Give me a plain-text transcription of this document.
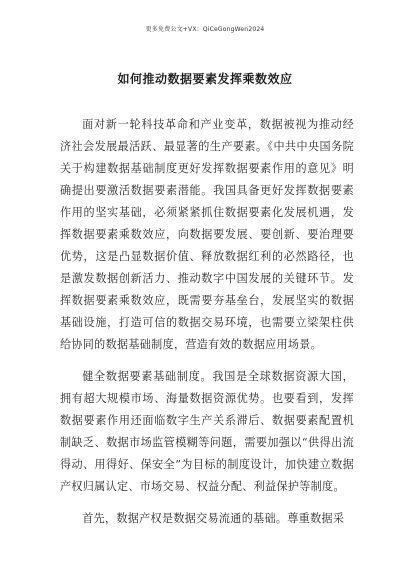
更多免费公文+VX：QiCeGongWen2024
如何推动数据要素发挥乘数效应

面对新一轮科技革命和产业变革，数据被视为推动经济社会发展最活跃、最显著的生产要素。《中共中央国务院关于构建数据基础制度更好发挥数据要素作用的意见》明确提出要激活数据要素潜能。我国具备更好发挥数据要素作用的坚实基础，必须紧紧抓住数据要素化发展机遇，发挥数据要素乘数效应，向数据要发展、要创新、要治理要优势，这是凸显数据价值、释放数据红利的必然路径，也是激发数据创新活力、推动数字中国发展的关键环节。发挥数据要素乘数效应，既需要夯基垒台，发展坚实的数据基础设施，打造可信的数据交易环境，也需要立梁架柱供给协同的数据基础制度，营造有效的数据应用场景。

健全数据要素基础制度。我国是全球数据资源大国，拥有超大规模市场、海量数据资源优势。也要看到，发挥数据要素作用还面临数字生产关系滞后、数据要素配置机制缺乏、数据市场监管模糊等问题，需要加强以“供得出流得动、用得好、保安全”为目标的制度设计，加快建立数据产权归属认定、市场交易、权益分配、利益保护等制度。

首先，数据产权是数据交易流通的基础。尊重数据采
